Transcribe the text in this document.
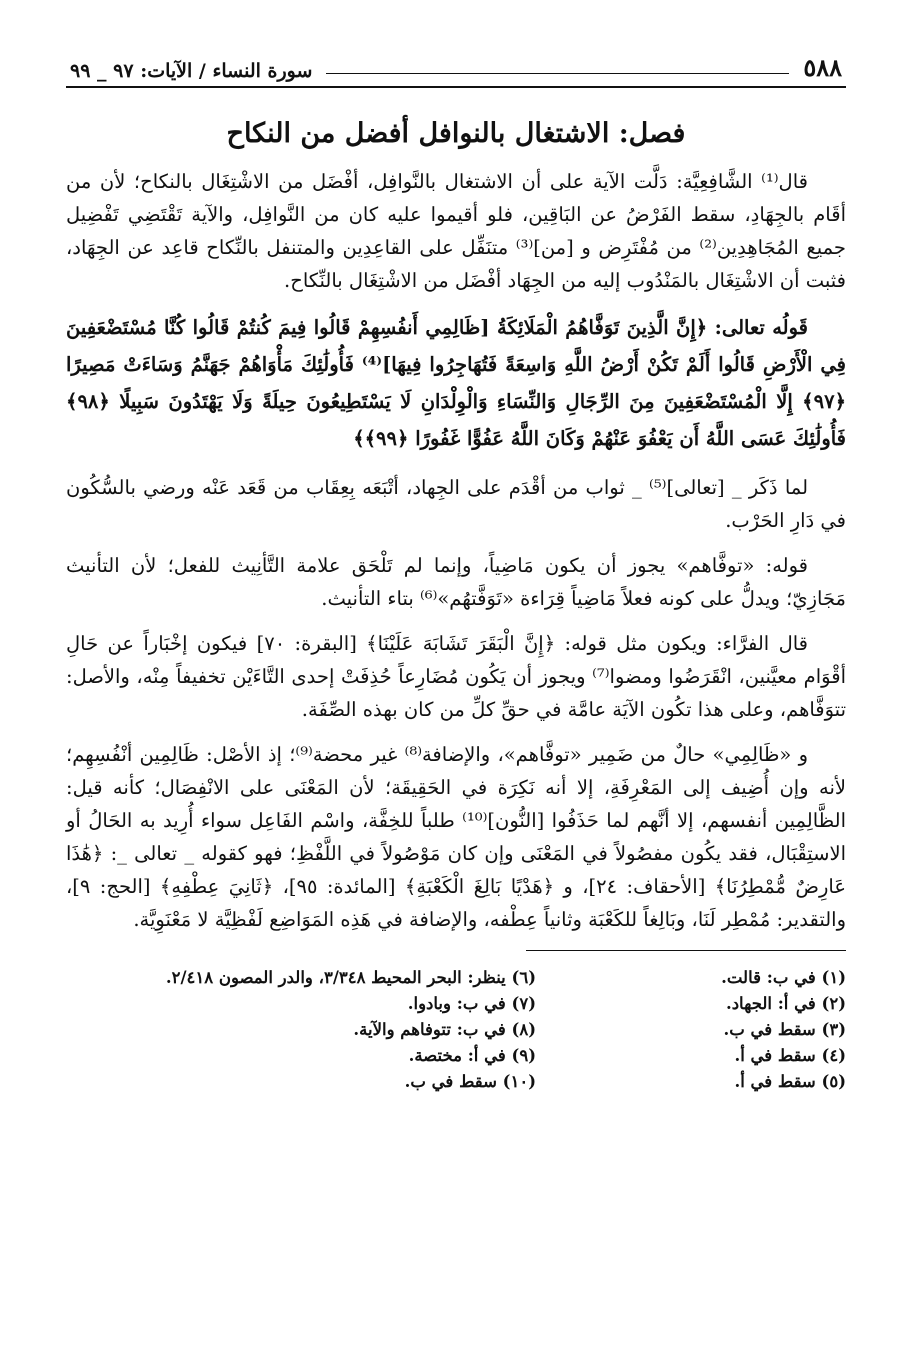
٥٨٨
سورة النساء / الآيات: ٩٧ _ ٩٩
فصل: الاشتغال بالنوافل أفضل من النكاح

قال⁽¹⁾ الشَّافِعِيَّة: دَلَّت الآية على أن الاشتغال بالنَّوافِل، أفْضَل من الاشْتِغَال بالنكاح؛ لأن من أقَام بالجِهَادِ، سقط الفَرْضُ عن البَاقِين، فلو أقيموا عليه كان من النَّوافِل، والآية تَقْتَضِي تَفْضِيل جميع المُجَاهِدِين⁽²⁾ من مُفْتَرِض و [من]⁽³⁾ متنَفِّل على القاعِدِين والمتنفل بالنِّكاح قاعِد عن الجِهَاد، فثبت أن الاشْتِغَال بالمَنْدُوب إليه من الجِهَاد أفْضَل من الاشْتِغَال بالنِّكاح.

قَولُه تعالى: ﴿إِنَّ الَّذِينَ تَوَفَّاهُمُ الْمَلَائِكَةُ [ظَالِمِي أَنفُسِهِمْ قَالُوا فِيمَ كُنتُمْ قَالُوا كُنَّا مُسْتَضْعَفِينَ فِي الْأَرْضِ قَالُوا أَلَمْ تَكُنْ أَرْضُ اللَّهِ وَاسِعَةً فَتُهَاجِرُوا فِيهَا]⁽⁴⁾ فَأُولَٰئِكَ مَأْوَاهُمْ جَهَنَّمُ وَسَاءَتْ مَصِيرًا ﴿٩٧﴾ إِلَّا الْمُسْتَضْعَفِينَ مِنَ الرِّجَالِ وَالنِّسَاءِ وَالْوِلْدَانِ لَا يَسْتَطِيعُونَ حِيلَةً وَلَا يَهْتَدُونَ سَبِيلًا ﴿٩٨﴾ فَأُولَٰئِكَ عَسَى اللَّهُ أَن يَعْفُوَ عَنْهُمْ وَكَانَ اللَّهُ عَفُوًّا غَفُورًا ﴿٩٩﴾﴾

لما ذَكَر _ [تعالى]⁽⁵⁾ _ ثواب من أقْدَم على الجِهاد، أتْبَعَه بِعِقَاب من قَعَد عَنْه ورضي بالسُّكُون في دَارِ الحَرْب.

قوله: «توفَّاهم» يجوز أن يكون مَاضِياً، وإنما لم تَلْحَق علامة التَّأنِيث للفعل؛ لأن التأنيث مَجَازِيّ؛ ويدلُّ على كونه فعلاً مَاضِياً قِرَاءة «تَوَفَّتهُم»⁽⁶⁾ بتاء التأنيث.

قال الفرَّاء: ويكون مثل قوله: ﴿إِنَّ الْبَقَرَ تَشَابَهَ عَلَيْنَا﴾ [البقرة: ٧٠] فيكون إخْبَاراً عن حَالِ أقْوَام معيَّنين، انْقَرَضُوا ومضوا⁽⁷⁾ ويجوز أن يَكُون مُضَارِعاً حُذِفَتْ إحدى التَّاءَيْن تخفيفاً مِنْه، والأصل: تتوَفَّاهم، وعلى هذا تكُون الآيَة عامَّة في حقِّ كلِّ من كان بهذه الصِّفَة.

و «ظَالِمِي» حالٌ من ضَمِير «توفَّاهم»، والإضافة⁽⁸⁾ غير محضة⁽⁹⁾؛ إذ الأصْل: ظَالِمِين أنْفُسِهِم؛ لأنه وإن أُضِيف إلى المَعْرِفَةِ، إلا أنه نَكِرَة في الحَقِيقَة؛ لأن المَعْنَى على الانْفِصَال؛ كأنه قيل: الظَّالِمِين أنفسهم، إلا أنَّهم لما حَذَفُوا [النُّون]⁽¹⁰⁾ طلباً للخِفَّة، واسْم الفَاعِل سواء أُرِيد به الحَالُ أو الاستِقْبَال، فقد يكُون مفصُولاً في المَعْنَى وإن كان مَوْصُولاً في اللَّفْظِ؛ فهو كقوله _ تعالى _: ﴿هَٰذَا عَارِضٌ مُّمْطِرُنَا﴾ [الأحقاف: ٢٤]، و ﴿هَدْيًا بَالِغَ الْكَعْبَةِ﴾ [المائدة: ٩٥]، ﴿ثَانِيَ عِطْفِهِ﴾ [الحج: ٩]، والتقدير: مُمْطِر لَنَا، وبَالِغاً للكَعْبَة وثانياً عِطْفه، والإضافة في هَذِه المَوَاضِع لَفْظِيَّة لا مَعْنَوِيَّة.

(١) في ب: قالت.
(٢) في أ: الجهاد.
(٣) سقط في ب.
(٤) سقط في أ.
(٥) سقط في أ.
(٦) ينظر: البحر المحيط ٣/٣٤٨، والدر المصون ٢/٤١٨.
(٧) في ب: وبادوا.
(٨) في ب: تتوفاهم والآية.
(٩) في أ: مختصة.
(١٠) سقط في ب.
